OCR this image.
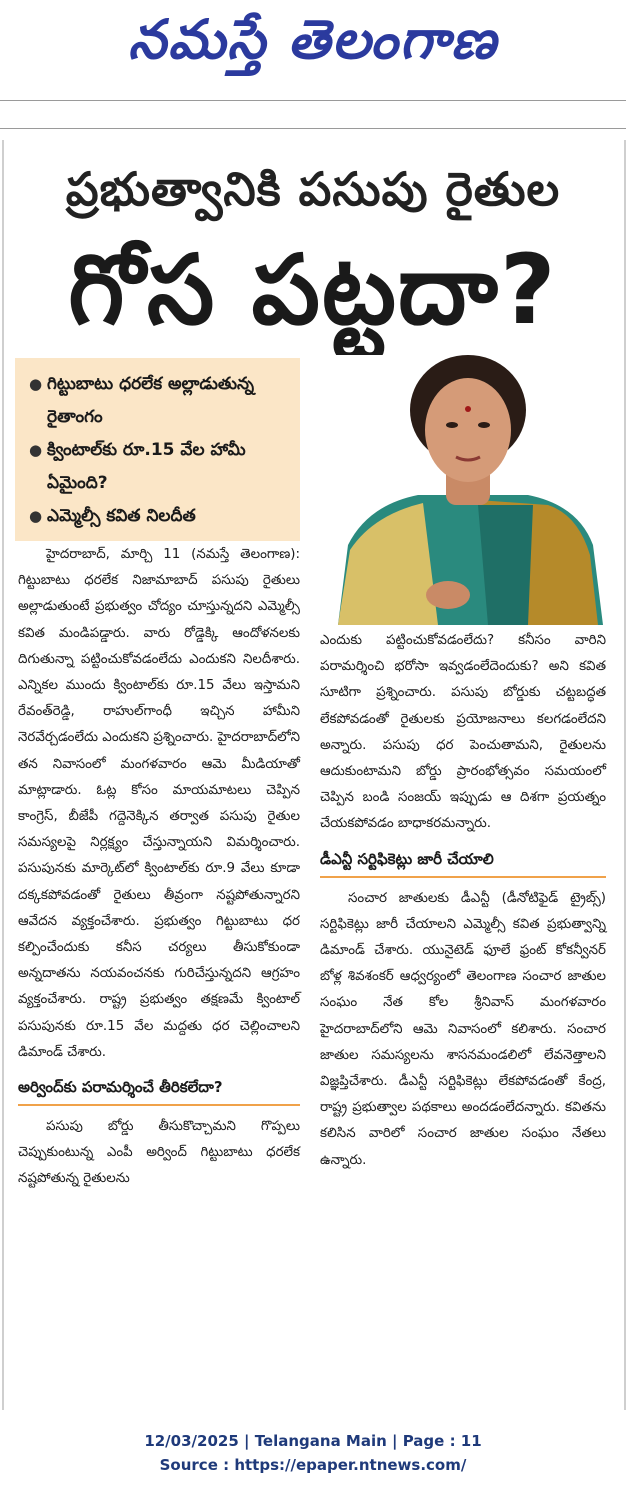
నమస్తే తెలంగాణ
ప్రభుత్వానికి పసుపు రైతుల
గోస పట్టదా?
● గిట్టుబాటు ధరలేక అల్లాడుతున్న రైతాంగం
● క్వింటాల్‌కు రూ.15 వేల హామీ ఏమైంది?
● ఎమ్మెల్సీ కవిత నిలదీత

హైదరాబాద్, మార్చి 11 (నమస్తే తెలంగాణ): గిట్టుబాటు ధరలేక నిజామాబాద్ పసుపు రైతులు అల్లాడుతుంటే ప్రభుత్వం చోద్యం చూస్తున్నదని ఎమ్మెల్సీ కవిత మండిపడ్డారు. వారు రోడ్డెక్కి ఆందోళనలకు దిగుతున్నా పట్టించుకోవడంలేదు ఎందుకని నిలదీశారు. ఎన్నికల ముందు క్వింటాల్‌కు రూ.15 వేలు ఇస్తామని రేవంత్‌రెడ్డి, రాహుల్‌గాంధీ ఇచ్చిన హామీని నెరవేర్చడంలేదు ఎందుకని ప్రశ్నించారు. హైదరాబాద్‌లోని తన నివాసంలో మంగళవారం ఆమె మీడియాతో మాట్లాడారు. ఓట్ల కోసం మాయమాటలు చెప్పిన కాంగ్రెస్, బీజేపీ గద్దెనెక్కిన తర్వాత పసుపు రైతుల సమస్యలపై నిర్లక్ష్యం చేస్తున్నాయని విమర్శించారు. పసుపునకు మార్కెట్‌లో క్వింటాల్‌కు రూ.9 వేలు కూడా దక్కకపోవడంతో రైతులు తీవ్రంగా నష్టపోతున్నారని ఆవేదన వ్యక్తంచేశారు. ప్రభుత్వం గిట్టుబాటు ధర కల్పించేందుకు కనీస చర్యలు తీసుకోకుండా అన్నదాతను నయవంచనకు గురిచేస్తున్నదని ఆగ్రహం వ్యక్తంచేశారు. రాష్ట్ర ప్రభుత్వం తక్షణమే క్వింటాల్ పసుపునకు రూ.15 వేల మద్దతు ధర చెల్లించాలని డిమాండ్ చేశారు.

అర్వింద్‌కు పరామర్శించే తీరికలేదా?

పసుపు బోర్డు తీసుకొచ్చామని గొప్పలు చెప్పుకుంటున్న ఎంపీ అర్వింద్ గిట్టుబాటు ధరలేక నష్టపోతున్న రైతులను

ఎందుకు పట్టించుకోవడంలేదు? కనీసం వారిని పరామర్శించి భరోసా ఇవ్వడంలేదెందుకు? అని కవిత సూటిగా ప్రశ్నించారు. పసుపు బోర్డుకు చట్టబద్ధత లేకపోవడంతో రైతులకు ప్రయోజనాలు కలగడంలేదని అన్నారు. పసుపు ధర పెంచుతామని, రైతులను ఆదుకుంటామని బోర్డు ప్రారంభోత్సవం సమయంలో చెప్పిన బండి సంజయ్ ఇప్పుడు ఆ దిశగా ప్రయత్నం చేయకపోవడం బాధాకరమన్నారు.

డీఎన్టీ సర్టిఫికెట్లు జారీ చేయాలి

సంచార జాతులకు డీఎన్టీ (డీనోటిఫైడ్ ట్రైబ్స్) సర్టిఫికెట్లు జారీ చేయాలని ఎమ్మెల్సీ కవిత ప్రభుత్వాన్ని డిమాండ్ చేశారు. యునైటెడ్ ఫూలే ఫ్రంట్ కోకన్వీనర్ బోళ్ల శివశంకర్ ఆధ్వర్యంలో తెలంగాణ సంచార జాతుల సంఘం నేత కోల శ్రీనివాస్ మంగళవారం హైదరాబాద్‌లోని ఆమె నివాసంలో కలిశారు. సంచార జాతుల సమస్యలను శాసనమండలిలో లేవనెత్తాలని విజ్ఞప్తిచేశారు. డీఎన్టీ సర్టిఫికెట్లు లేకపోవడంతో కేంద్ర, రాష్ట్ర ప్రభుత్వాల పథకాలు అందడంలేదన్నారు. కవితను కలిసిన వారిలో సంచార జాతుల సంఘం నేతలు ఉన్నారు.

12/03/2025 | Telangana Main | Page : 11
Source : https://epaper.ntnews.com/
